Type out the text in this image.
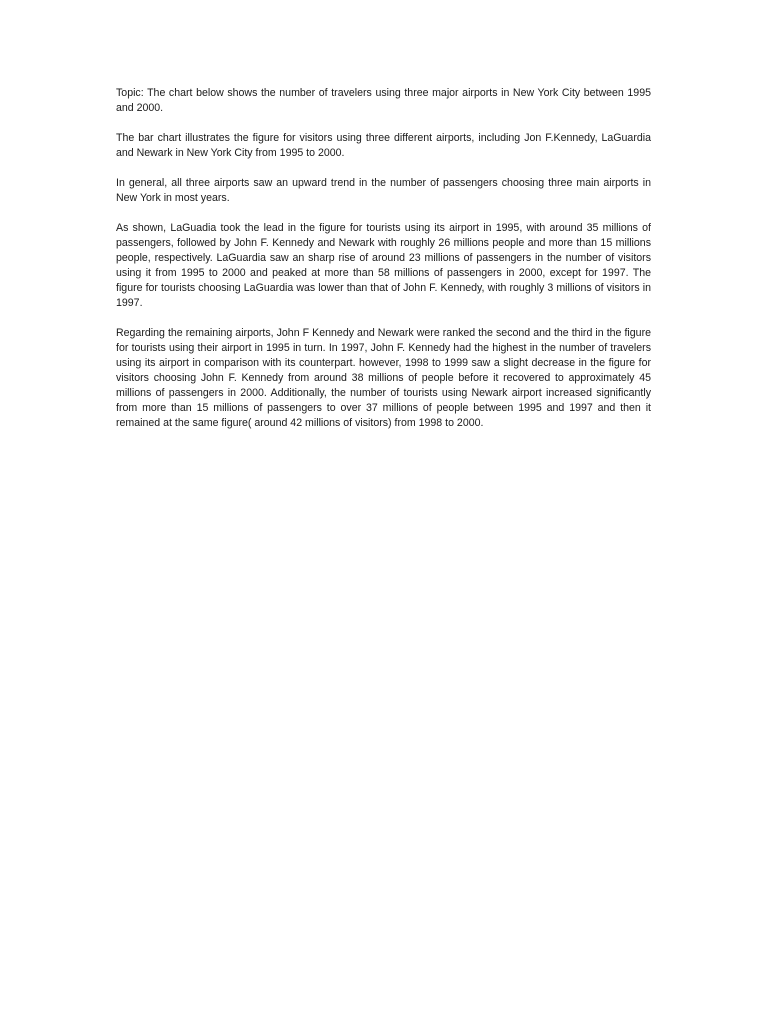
Topic: The chart below shows the number of travelers using three major airports in New York City between 1995 and 2000.

The bar chart illustrates the figure for visitors using three different airports, including Jon F.Kennedy, LaGuardia and Newark in New York City from 1995 to 2000.

In general, all three airports saw an upward trend in the number of passengers choosing three main airports in New York in most years.

As shown, LaGuadia took the lead in the figure for tourists using its airport in 1995, with around 35 millions of passengers, followed by John F. Kennedy and Newark with roughly 26 millions people and more than 15 millions people, respectively. LaGuardia saw an sharp rise of around 23 millions of passengers in the number of visitors using it from 1995 to 2000 and peaked at more than 58 millions of passengers in 2000, except for 1997. The figure for tourists choosing LaGuardia was lower than that of John F. Kennedy, with roughly 3 millions of visitors in 1997.

Regarding the remaining airports, John F Kennedy and Newark were ranked the second and the third in the figure for tourists using their airport in 1995 in turn. In 1997, John F. Kennedy had the highest in the number of travelers using its airport in comparison with its counterpart. however, 1998 to 1999 saw a slight decrease in the figure for visitors choosing John F. Kennedy from around 38 millions of people before it recovered to approximately 45 millions of passengers in 2000. Additionally, the number of tourists using Newark airport increased significantly from more than 15 millions of passengers to over 37 millions of people between 1995 and 1997 and then it remained at the same figure( around 42 millions of visitors) from 1998 to 2000.
